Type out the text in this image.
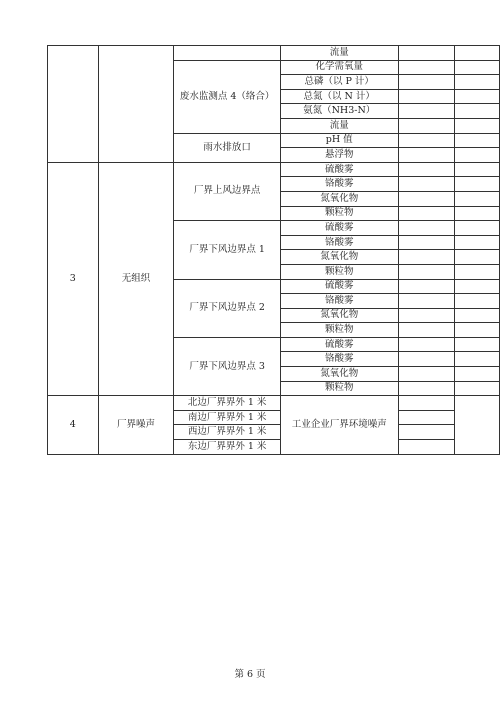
			流量		
		废水监测点 4（络合）	化学需氧量		
			总磷（以 P 计）		
			总氮（以 N 计）		
			氨氮（NH3-N）		
			流量		
		雨水排放口	pH 值		
			悬浮物		
3	无组织	厂界上风边界点	硫酸雾		
			铬酸雾		
			氮氧化物		
			颗粒物		
		厂界下风边界点 1	硫酸雾		
			铬酸雾		
			氮氧化物		
			颗粒物		
		厂界下风边界点 2	硫酸雾		
			铬酸雾		
			氮氧化物		
			颗粒物		
		厂界下风边界点 3	硫酸雾		
			铬酸雾		
			氮氧化物		
			颗粒物		
4	厂界噪声	北边厂界界外 1 米	工业企业厂界环境噪声		
		南边厂界界外 1 米			
		西边厂界界外 1 米			
		东边厂界界外 1 米			
第 6 页
